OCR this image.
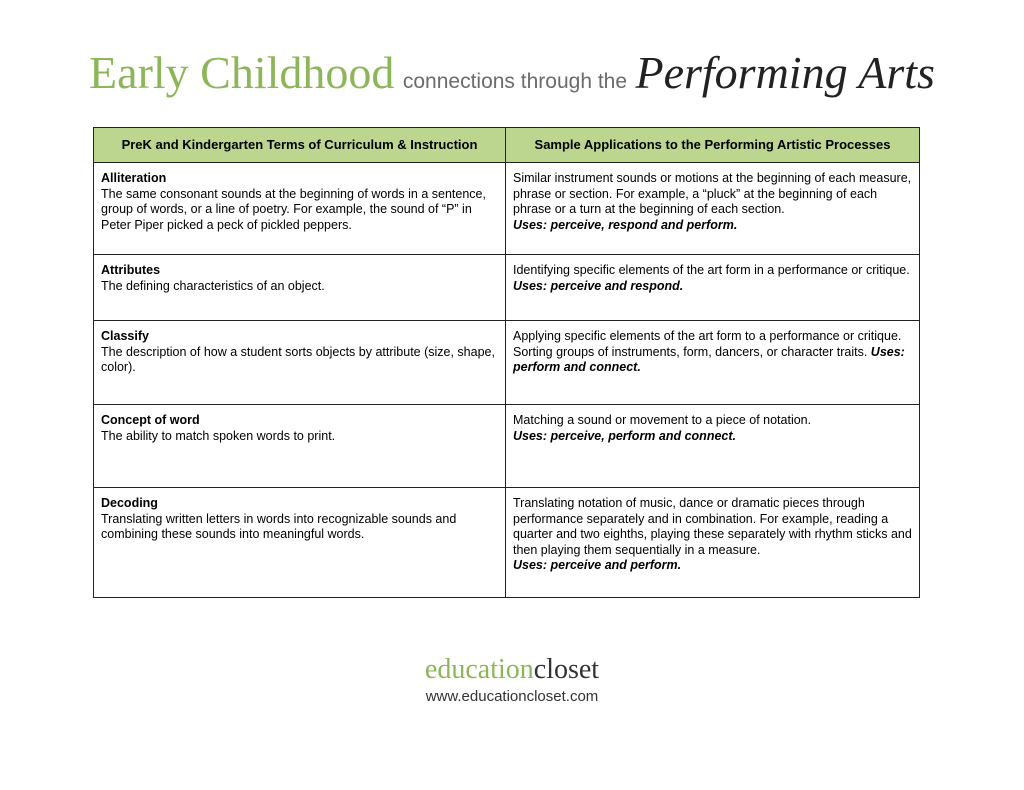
Early Childhood connections through the Performing Arts
PreK and Kindergarten Terms of Curriculum & Instruction	Sample Applications to the Performing Artistic Processes

Alliteration
The same consonant sounds at the beginning of words in a sentence, group of words, or a line of poetry. For example, the sound of “P” in Peter Piper picked a peck of pickled peppers.	Similar instrument sounds or motions at the beginning of each measure, phrase or section. For example, a “pluck” at the beginning of each phrase or a turn at the beginning of each section.
Uses: perceive, respond and perform.

Attributes
The defining characteristics of an object.	Identifying specific elements of the art form in a performance or critique. Uses: perceive and respond.

Classify
The description of how a student sorts objects by attribute (size, shape, color).	Applying specific elements of the art form to a performance or critique. Sorting groups of instruments, form, dancers, or character traits. Uses: perform and connect.

Concept of word
The ability to match spoken words to print.	Matching a sound or movement to a piece of notation.
Uses: perceive, perform and connect.

Decoding
Translating written letters in words into recognizable sounds and combining these sounds into meaningful words.	Translating notation of music, dance or dramatic pieces through performance separately and in combination. For example, reading a quarter and two eighths, playing these separately with rhythm sticks and then playing them sequentially in a measure.
Uses: perceive and perform.
educationcloset
www.educationcloset.com
